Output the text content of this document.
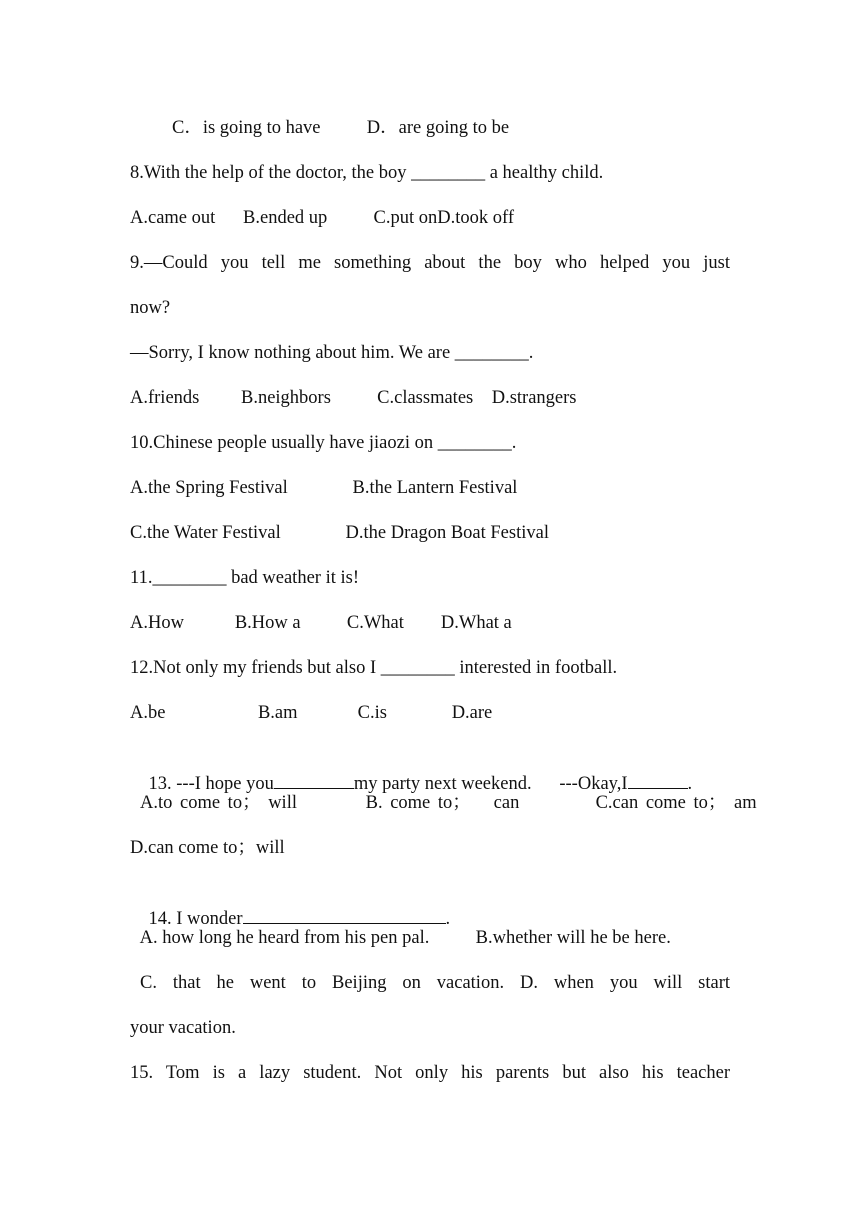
C．is going to have          D．are going to be
8.With the help of the doctor, the boy ________ a healthy child.
A.came out      B.ended up          C.put onD.took off
9.—Could you tell me something about the boy who helped you just
now?
—Sorry, I know nothing about him. We are ________.
A.friends         B.neighbors          C.classmates    D.strangers
10.Chinese people usually have jiaozi on ________.
A.the Spring Festival              B.the Lantern Festival
C.the Water Festival              D.the Dragon Boat Festival
11.________ bad weather it is!
A.How           B.How a          C.What        D.What a
12.Not only my friends but also I ________ interested in football.
A.be                    B.am             C.is              D.are

13. ---I hope you	my party next weekend.      ---Okay,I	.

A.to come to； will         B. come to；   can          C.can come to； am
D.can come to；will

14. I wonder	.

A. how long he heard from his pen pal.          B.whether will he be here.
C. that he went to Beijing on vacation. D. when you will start
your vacation.
15. Tom is a lazy student. Not only his parents but also his teacher
